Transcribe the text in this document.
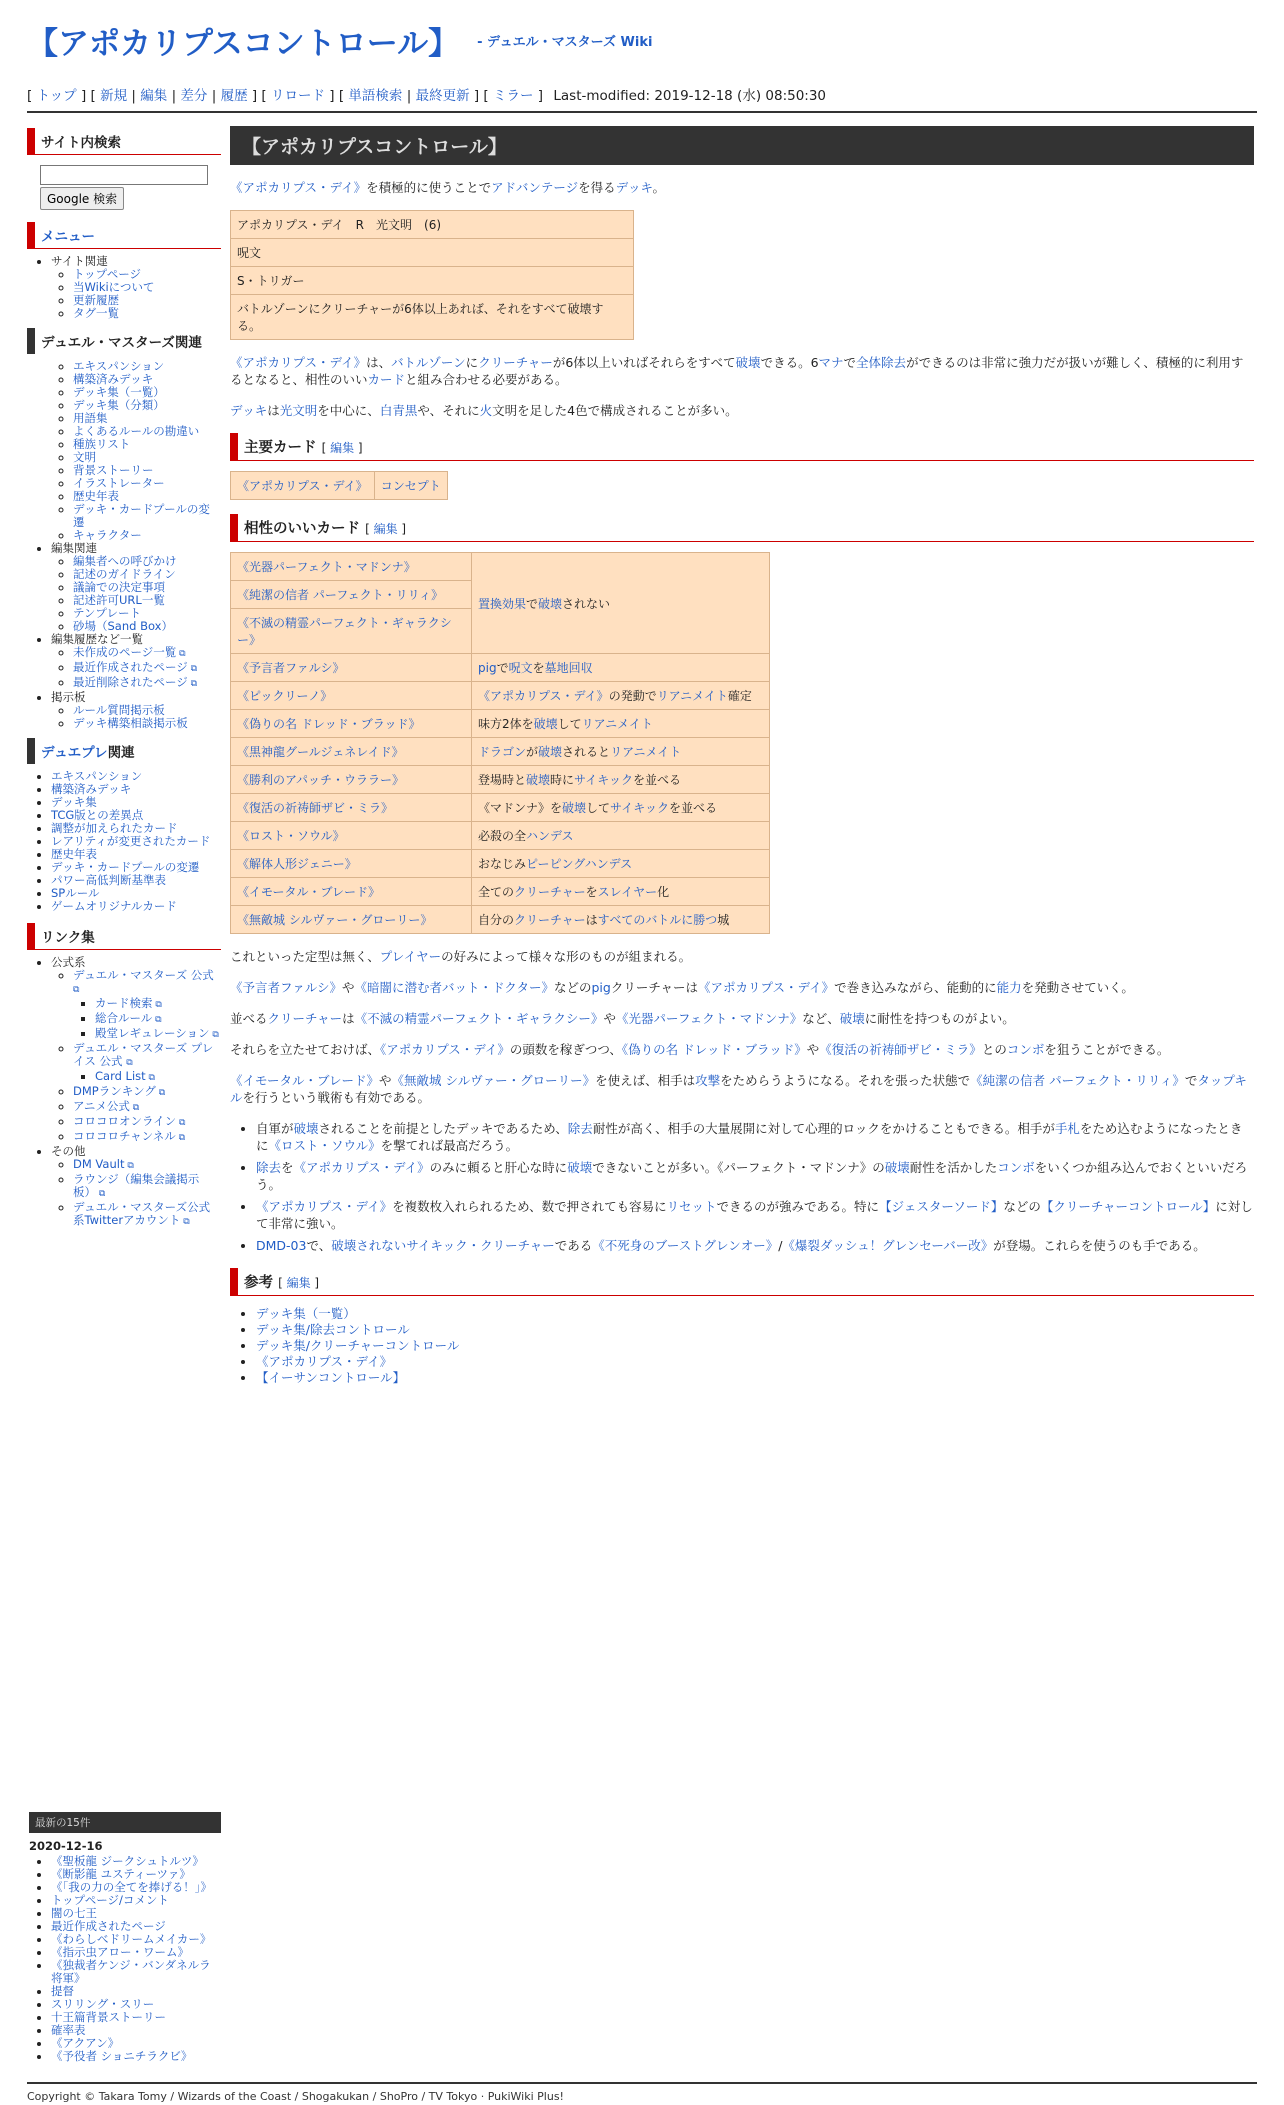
【アポカリプスコントロール】 - デュエル・マスターズ Wiki
[ トップ ] [ 新規 | 編集 | 差分 | 履歴 ] [ リロード ] [ 単語検索 | 最終更新 ] [ ミラー ] Last-modified: 2019-12-18 (水) 08:50:30
サイト内検索

Google 検索
メニュー
• サイト関連
◦ トップページ
◦ 当Wikiについて
◦ 更新履歴
◦ タグ一覧
デュエル・マスターズ関連
◦ エキスパンション
◦ 構築済みデッキ
◦ デッキ集（一覧）
◦ デッキ集（分類）
◦ 用語集
◦ よくあるルールの勘違い
◦ 種族リスト
◦ 文明
◦ 背景ストーリー
◦ イラストレーター
◦ 歴史年表
◦ デッキ・カードプールの変遷
◦ キャラクター
• 編集関連
◦ 編集者への呼びかけ
◦ 記述のガイドライン
◦ 議論での決定事項
◦ 記述許可URL一覧
◦ テンプレート
◦ 砂場（Sand Box）
• 編集履歴など一覧
◦ 未作成のページ一覧 ⧉
◦ 最近作成されたページ ⧉
◦ 最近削除されたページ ⧉
• 掲示板
◦ ルール質問掲示板
◦ デッキ構築相談掲示板
デュエプレ関連
• エキスパンション
• 構築済みデッキ
• デッキ集
• TCG版との差異点
• 調整が加えられたカード
• レアリティが変更されたカード
• 歴史年表
• デッキ・カードプールの変遷
• パワー高低判断基準表
• SPルール
• ゲームオリジナルカード
リンク集
• 公式系
◦ デュエル・マスターズ 公式 ⧉
▪ カード検索 ⧉
▪ 総合ルール ⧉
▪ 殿堂レギュレーション ⧉
◦ デュエル・マスターズ プレイス 公式 ⧉
▪ Card List ⧉
◦ DMPランキング ⧉
◦ アニメ公式 ⧉
◦ コロコロオンライン ⧉
◦ コロコロチャンネル ⧉
• その他
◦ DM Vault ⧉
◦ ラウンジ（編集会議掲示板） ⧉
◦ デュエル・マスターズ公式系Twitterアカウント ⧉
【アポカリプスコントロール】

《アポカリプス・デイ》を積極的に使うことでアドバンテージを得るデッキ。

アポカリプス・デイ　R　光文明　(6)
呪文
S・トリガー
バトルゾーンにクリーチャーが6体以上あれば、それをすべて破壊する。

《アポカリプス・デイ》は、バトルゾーンにクリーチャーが6体以上いればそれらをすべて破壊できる。6マナで全体除去ができるのは非常に強力だが扱いが難しく、積極的に利用するとなると、相性のいいカードと組み合わせる必要がある。

デッキは光文明を中心に、白青黒や、それに火文明を足した4色で構成されることが多い。

主要カード [ 編集 ]
《アポカリプス・デイ》	コンセプト
相性のいいカード [ 編集 ]
《光器パーフェクト・マドンナ》	置換効果で破壊されない
《純潔の信者 パーフェクト・リリィ》	
《不滅の精霊パーフェクト・ギャラクシー》	
《予言者ファルシ》	pigで呪文を墓地回収
《ピックリーノ》	《アポカリプス・デイ》の発動でリアニメイト確定
《偽りの名 ドレッド・ブラッド》	味方2体を破壊してリアニメイト
《黒神龍グールジェネレイド》	ドラゴンが破壊されるとリアニメイト
《勝利のアパッチ・ウララー》	登場時と破壊時にサイキックを並べる
《復活の祈祷師ザビ・ミラ》	《マドンナ》を破壊してサイキックを並べる
《ロスト・ソウル》	必殺の全ハンデス
《解体人形ジェニー》	おなじみピーピングハンデス
《イモータル・ブレード》	全てのクリーチャーをスレイヤー化
《無敵城 シルヴァー・グローリー》	自分のクリーチャーはすべてのバトルに勝つ城

これといった定型は無く、プレイヤーの好みによって様々な形のものが組まれる。

《予言者ファルシ》や《暗闇に潜む者バット・ドクター》などのpigクリーチャーは《アポカリプス・デイ》で巻き込みながら、能動的に能力を発動させていく。

並べるクリーチャーは《不滅の精霊パーフェクト・ギャラクシー》や《光器パーフェクト・マドンナ》など、破壊に耐性を持つものがよい。

それらを立たせておけば、《アポカリプス・デイ》の頭数を稼ぎつつ、《偽りの名 ドレッド・ブラッド》や《復活の祈祷師ザビ・ミラ》とのコンボを狙うことができる。

《イモータル・ブレード》や《無敵城 シルヴァー・グローリー》を使えば、相手は攻撃をためらうようになる。それを張った状態で《純潔の信者 パーフェクト・リリィ》でタップキルを行うという戦術も有効である。

• 自軍が破壊されることを前提としたデッキであるため、除去耐性が高く、相手の大量展開に対して心理的ロックをかけることもできる。相手が手札をため込むようになったときに《ロスト・ソウル》を撃てれば最高だろう。
• 除去を《アポカリプス・デイ》のみに頼ると肝心な時に破壊できないことが多い。《パーフェクト・マドンナ》の破壊耐性を活かしたコンボをいくつか組み込んでおくといいだろう。
• 《アポカリプス・デイ》を複数枚入れられるため、数で押されても容易にリセットできるのが強みである。特に【ジェスターソード】などの【クリーチャーコントロール】に対して非常に強い。
• DMD-03で、破壊されないサイキック・クリーチャーである《不死身のブーストグレンオー》/《爆裂ダッシュ！グレンセーバー改》が登場。これらを使うのも手である。
参考 [ 編集 ]
• デッキ集（一覧）
• デッキ集/除去コントロール
• デッキ集/クリーチャーコントロール
• 《アポカリプス・デイ》
• 【イーサンコントロール】
最新の15件
2020-12-16
• 《聖板龍 ジークシュトルツ》
• 《断影龍 ユスティーツァ》
• 《「我の力の全てを捧げる！」》
• トップページ/コメント
• 闇の七王
• 最近作成されたページ
• 《わらしべドリームメイカー》
• 《指示虫アロー・ワーム》
• 《独裁者ケンジ・バンダネルラ将軍》
• 提督
• スリリング・スリー
• 十王篇背景ストーリー
• 確率表
• 《アクアン》
• 《予役者 ショニチラクビ》
Copyright © Takara Tomy / Wizards of the Coast / Shogakukan / ShoPro / TV Tokyo · PukiWiki Plus!
